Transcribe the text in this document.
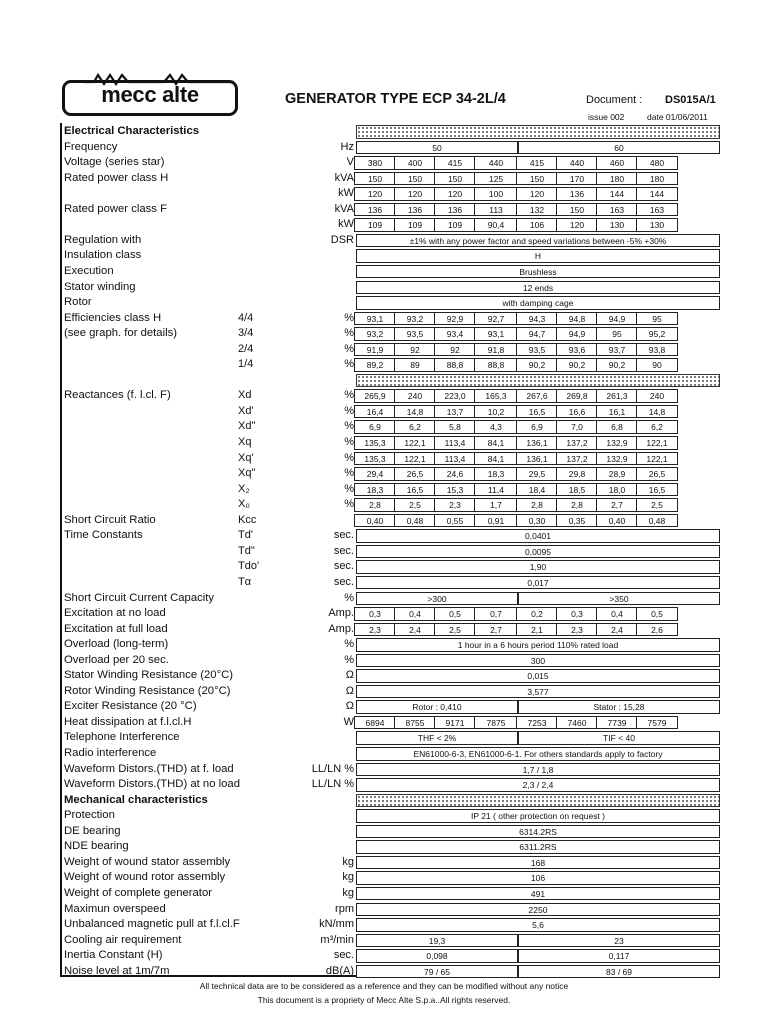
mecc alte	GENERATOR TYPE ECP 34-2L/4	Document : DS015A/1
issue 002	date 01/06/2011
Electrical Characteristics
Frequency	Hz	50	60
Voltage (series star)	V	380	400	415	440	415	440	460	480
Rated power class H	kVA	150	150	150	125	150	170	180	180
kW	120	120	120	100	120	136	144	144
Rated power class F	kVA	136	136	136	113	132	150	163	163
kW	109	109	109	90,4	106	120	130	130
Regulation with	DSR	±1% with any power factor and speed variations between -5% +30%
Insulation class	H
Execution	Brushless
Stator winding	12 ends
Rotor	with damping cage
Efficiencies class H	4/4	%	93,1	93,2	92,9	92,7	94,3	94,8	94,9	95
(see graph. for details)	3/4	%	93,2	93,5	93,4	93,1	94,7	94,9	95	95,2
2/4	%	91,9	92	92	91,8	93,5	93,6	93,7	93,8
1/4	%	89,2	89	88,8	88,8	90,2	90,2	90,2	90
Reactances (f. l.cl. F)	Xd	%	265,9	240	223,0	165,3	267,6	269,8	261,3	240
Xd'	%	16,4	14,8	13,7	10,2	16,5	16,6	16,1	14,8
Xd"	%	6,9	6,2	5,8	4,3	6,9	7,0	6,8	6,2
Xq	%	135,3	122,1	113,4	84,1	136,1	137,2	132,9	122,1
Xq'	%	135,3	122,1	113,4	84,1	136,1	137,2	132,9	122,1
Xq"	%	29,4	26,5	24,6	18,3	29,5	29,8	28,9	26,5
X₂	%	18,3	16,5	15,3	11,4	18,4	18,5	18,0	16,5
X₀	%	2,8	2,5	2,3	1,7	2,8	2,8	2,7	2,5
Short Circuit Ratio	Kcc	0,40	0,48	0,55	0,91	0,30	0,35	0,40	0,48
Time Constants	Td'	sec.	0,0401
Td"	sec.	0,0095
Tdo'	sec.	1,90
Tα	sec.	0,017
Short Circuit Current Capacity	%	>300	>350
Excitation at no load	Amp.	0,3	0,4	0,5	0,7	0,2	0,3	0,4	0,5
Excitation at full load	Amp.	2,3	2,4	2,5	2,7	2,1	2,3	2,4	2,6
Overload (long-term)	%	1 hour in a 6 hours period 110% rated load
Overload per 20 sec.	%	300
Stator Winding Resistance (20°C)	Ω	0,015
Rotor Winding Resistance (20°C)	Ω	3,577
Exciter Resistance (20 °C)	Ω	Rotor : 0,410	Stator : 15,28
Heat dissipation at f.l.cl.H	W	6894	8755	9171	7875	7253	7460	7739	7579
Telephone Interference	THF < 2%	TIF < 40
Radio interference	EN61000-6-3, EN61000-6-1. For others standards apply to factory
Waveform Distors.(THD) at f. load	LL/LN %	1,7 / 1,8
Waveform Distors.(THD) at no load	LL/LN %	2,3 / 2,4
Mechanical characteristics
Protection	IP 21 ( other protection on request )
DE bearing	6314.2RS
NDE bearing	6311.2RS
Weight of wound stator assembly	kg	168
Weight of wound rotor assembly	kg	106
Weight of complete generator	kg	491
Maximun overspeed	rpm	2250
Unbalanced magnetic pull at f.l.cl.F	kN/mm	5,6
Cooling air requirement	m³/min	19,3	23
Inertia Constant (H)	sec.	0,098	0,117
Noise level at 1m/7m	dB(A)	79 / 65	83 / 69
All technical data are to be considered as a reference and they can be modified without any notice
This document is a propriety of Mecc Alte S.p.a..All rights reserved.
